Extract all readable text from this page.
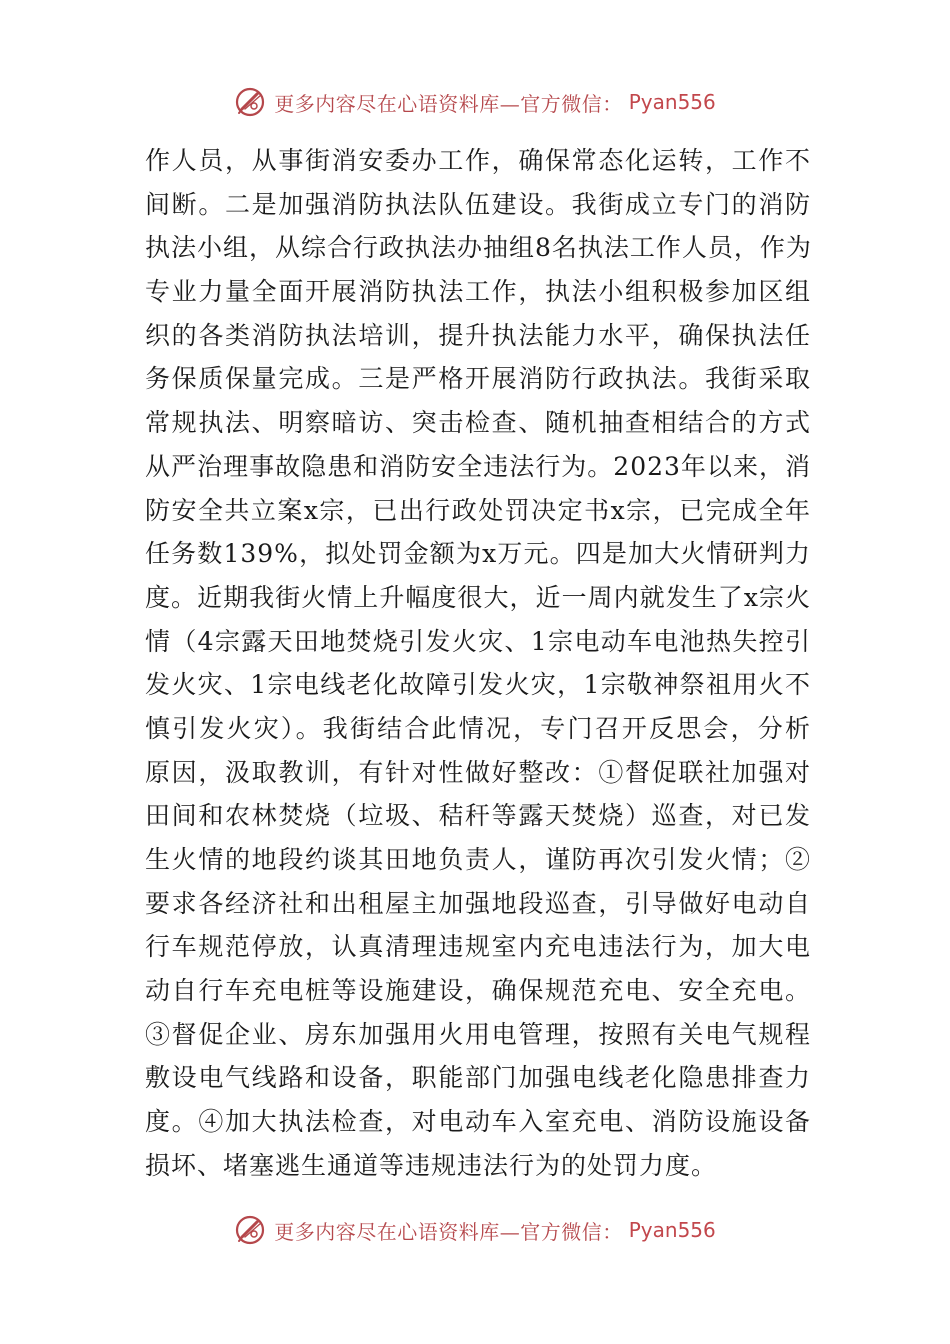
更多内容尽在心语资料库—官方微信： Pyan556
作人员，从事街消安委办工作，确保常态化运转，工作不
间断。二是加强消防执法队伍建设。我街成立专门的消防
执法小组，从综合行政执法办抽组8名执法工作人员，作为
专业力量全面开展消防执法工作，执法小组积极参加区组
织的各类消防执法培训，提升执法能力水平，确保执法任
务保质保量完成。三是严格开展消防行政执法。我街采取
常规执法、明察暗访、突击检查、随机抽查相结合的方式
从严治理事故隐患和消防安全违法行为。2023年以来，消
防安全共立案x宗，已出行政处罚决定书x宗，已完成全年
任务数139%，拟处罚金额为x万元。四是加大火情研判力
度。近期我街火情上升幅度很大，近一周内就发生了x宗火
情（4宗露天田地焚烧引发火灾、1宗电动车电池热失控引
发火灾、1宗电线老化故障引发火灾，1宗敬神祭祖用火不
慎引发火灾）。我街结合此情况，专门召开反思会，分析
原因，汲取教训，有针对性做好整改：①督促联社加强对
田间和农林焚烧（垃圾、秸秆等露天焚烧）巡查，对已发
生火情的地段约谈其田地负责人，谨防再次引发火情；②
要求各经济社和出租屋主加强地段巡查，引导做好电动自
行车规范停放，认真清理违规室内充电违法行为，加大电
动自行车充电桩等设施建设，确保规范充电、安全充电。
③督促企业、房东加强用火用电管理，按照有关电气规程
敷设电气线路和设备，职能部门加强电线老化隐患排查力
度。④加大执法检查，对电动车入室充电、消防设施设备
损坏、堵塞逃生通道等违规违法行为的处罚力度。
更多内容尽在心语资料库—官方微信： Pyan556
